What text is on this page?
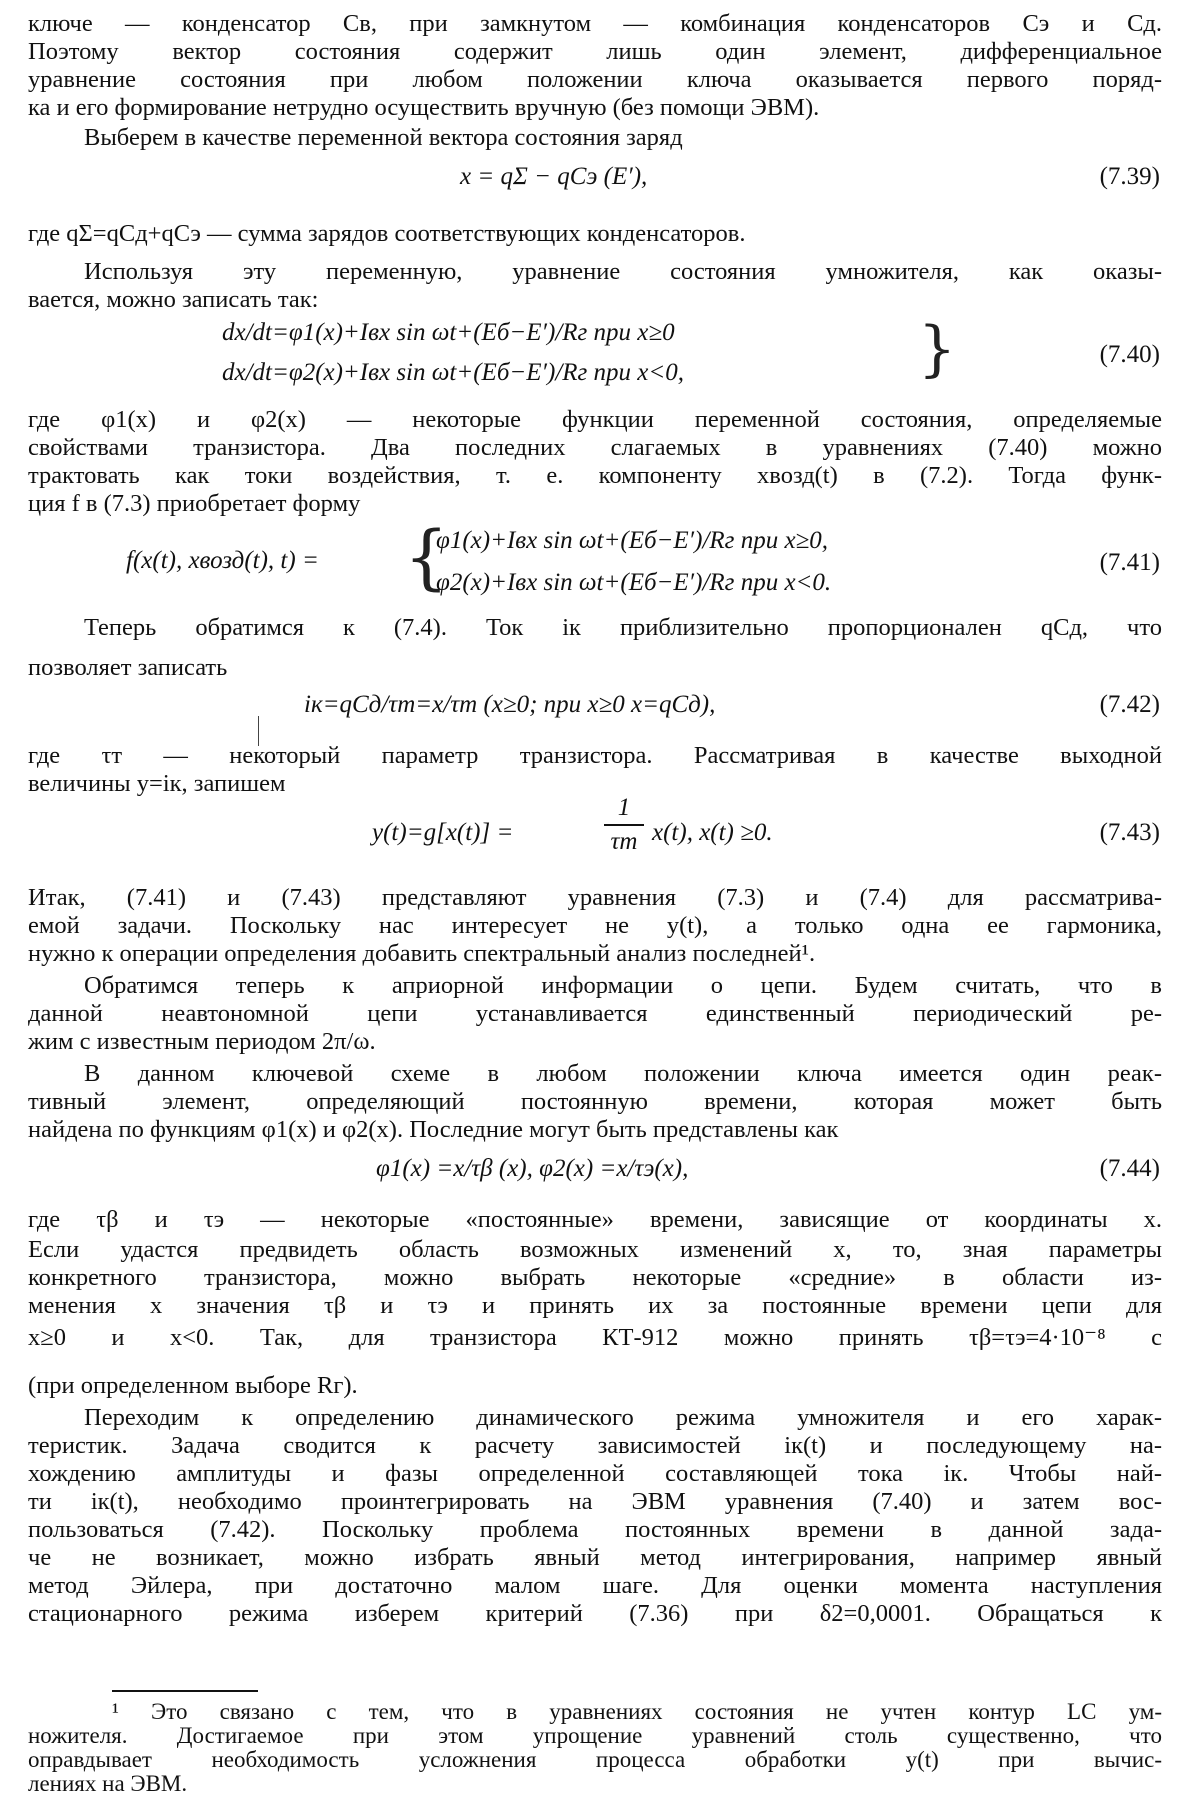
ключе — конденсатор Cв, при замкнутом — комбинация конденсаторов Cэ и Cд.
Поэтому вектор состояния содержит лишь один элемент, дифференциальное
уравнение состояния при любом положении ключа оказывается первого поряд-
ка и его формирование нетрудно осуществить вручную (без помощи ЭВМ).
Выберем в качестве переменной вектора состояния заряд
x = qΣ − qCэ (E′),	(7.39)
где qΣ=qСд+qСэ — сумма зарядов соответствующих конденсаторов.
Используя эту переменную, уравнение состояния умножителя, как оказы-
вается, можно записать так:
dx/dt=φ1(x)+Iвх sin ωt+(Eб−E′)/Rг при x≥0
dx/dt=φ2(x)+Iвх sin ωt+(Eб−E′)/Rг при x<0,	}	(7.40)
где φ1(x) и φ2(x) — некоторые функции переменной состояния, определяемые
свойствами транзистора. Два последних слагаемых в уравнениях (7.40) можно
трактовать как токи воздействия, т. е. компоненту xвозд(t) в (7.2). Тогда функ-
ция f в (7.3) приобретает форму
f(x(t), xвозд(t), t) = {
φ1(x)+Iвх sin ωt+(Eб−E′)/Rг при x≥0,
φ2(x)+Iвх sin ωt+(Eб−E′)/Rг при x<0.
(7.41)
Теперь обратимся к (7.4). Ток iк приблизительно пропорционален qCд, что
позволяет записать
iк=qCд/τт=x/τт (x≥0; при x≥0 x=qCд),	(7.42)
где τт — некоторый параметр транзистора. Рассматривая в качестве выходной
величины y=iк, запишем
y(t)=g[x(t)] =
1
τт x(t), x(t) ≥0.	(7.43)
Итак, (7.41) и (7.43) представляют уравнения (7.3) и (7.4) для рассматрива-
емой задачи. Поскольку нас интересует не y(t), а только одна ее гармоника,
нужно к операции определения добавить спектральный анализ последней¹.
Обратимся теперь к априорной информации о цепи. Будем считать, что в
данной неавтономной цепи устанавливается единственный периодический ре-
жим с известным периодом 2π/ω.
В данном ключевой схеме в любом положении ключа имеется один реак-
тивный элемент, определяющий постоянную времени, которая может быть
найдена по функциям φ1(x) и φ2(x). Последние могут быть представлены как
φ1(x) =x/τβ (x), φ2(x) =x/τэ(x),	(7.44)
где τβ и τэ — некоторые «постоянные» времени, зависящие от координаты x.
Если удастся предвидеть область возможных изменений x, то, зная параметры
конкретного транзистора, можно выбрать некоторые «средние» в области из-
менения x значения τβ и τэ и принять их за постоянные времени цепи для
x≥0 и x<0. Так, для транзистора КТ-912 можно принять τβ=τэ=4·10⁻⁸ с
(при определенном выборе Rг).
Переходим к определению динамического режима умножителя и его харак-
теристик. Задача сводится к расчету зависимостей iк(t) и последующему на-
хождению амплитуды и фазы определенной составляющей тока iк. Чтобы най-
ти iк(t), необходимо проинтегрировать на ЭВМ уравнения (7.40) и затем вос-
пользоваться (7.42). Поскольку проблема постоянных времени в данной зада-
че не возникает, можно избрать явный метод интегрирования, например явный
метод Эйлера, при достаточно малом шаге. Для оценки момента наступления
стационарного режима изберем критерий (7.36) при δ2=0,0001. Обращаться к
¹ Это связано с тем, что в уравнениях состояния не учтен контур LC ум-
ножителя. Достигаемое при этом упрощение уравнений столь существенно, что
оправдывает необходимость усложнения процесса обработки y(t) при вычис-
лениях на ЭВМ.
